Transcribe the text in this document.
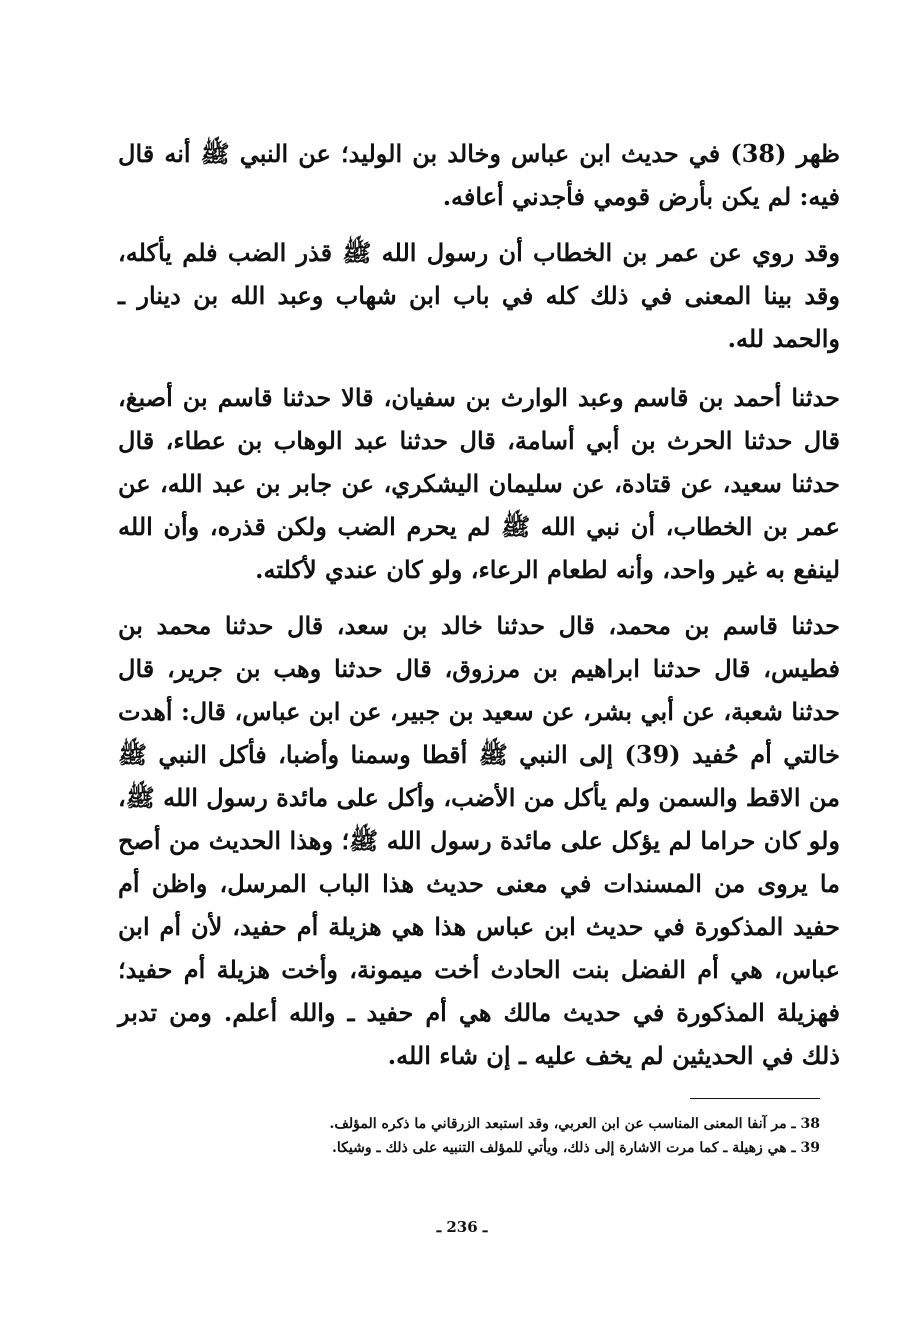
ظهر (38) في حديث ابن عباس وخالد بن الوليد؛ عن النبي ﷺ أنه قال فيه: لم يكن بأرض قومي فأجدني أعافه.

وقد روي عن عمر بن الخطاب أن رسول الله ﷺ قذر الضب فلم يأكله، وقد بينا المعنى في ذلك كله في باب ابن شهاب وعبد الله بن دينار ـ والحمد لله.

حدثنا أحمد بن قاسم وعبد الوارث بن سفيان، قالا حدثنا قاسم بن أصبغ، قال حدثنا الحرث بن أبي أسامة، قال حدثنا عبد الوهاب بن عطاء، قال حدثنا سعيد، عن قتادة، عن سليمان اليشكري، عن جابر بن عبد الله، عن عمر بن الخطاب، أن نبي الله ﷺ لم يحرم الضب ولكن قذره، وأن الله لينفع به غير واحد، وأنه لطعام الرعاء، ولو كان عندي لأكلته.

حدثنا قاسم بن محمد، قال حدثنا خالد بن سعد، قال حدثنا محمد بن فطيس، قال حدثنا ابراهيم بن مرزوق، قال حدثنا وهب بن جرير، قال حدثنا شعبة، عن أبي بشر، عن سعيد بن جبير، عن ابن عباس، قال: أهدت خالتي أم حُفيد (39) إلى النبي ﷺ أقطا وسمنا وأضبا، فأكل النبي ﷺ من الاقط والسمن ولم يأكل من الأضب، وأكل على مائدة رسول الله ﷺ، ولو كان حراما لم يؤكل على مائدة رسول الله ﷺ؛ وهذا الحديث من أصح ما يروى من المسندات في معنى حديث هذا الباب المرسل، واظن أم حفيد المذكورة في حديث ابن عباس هذا هي هزيلة أم حفيد، لأن أم ابن عباس، هي أم الفضل بنت الحادث أخت ميمونة، وأخت هزيلة أم حفيد؛ فهزيلة المذكورة في حديث مالك هي أم حفيد ـ والله أعلم. ومن تدبر ذلك في الحديثين لم يخف عليه ـ إن شاء الله.

38 ـ مر آنفا المعنى المناسب عن ابن العربي، وقد استبعد الزرقاني ما ذكره المؤلف.

39 ـ هي زهيلة ـ كما مرت الاشارة إلى ذلك، ويأتي للمؤلف التنبيه على ذلك ـ وشيكا.

ـ 236 ـ
